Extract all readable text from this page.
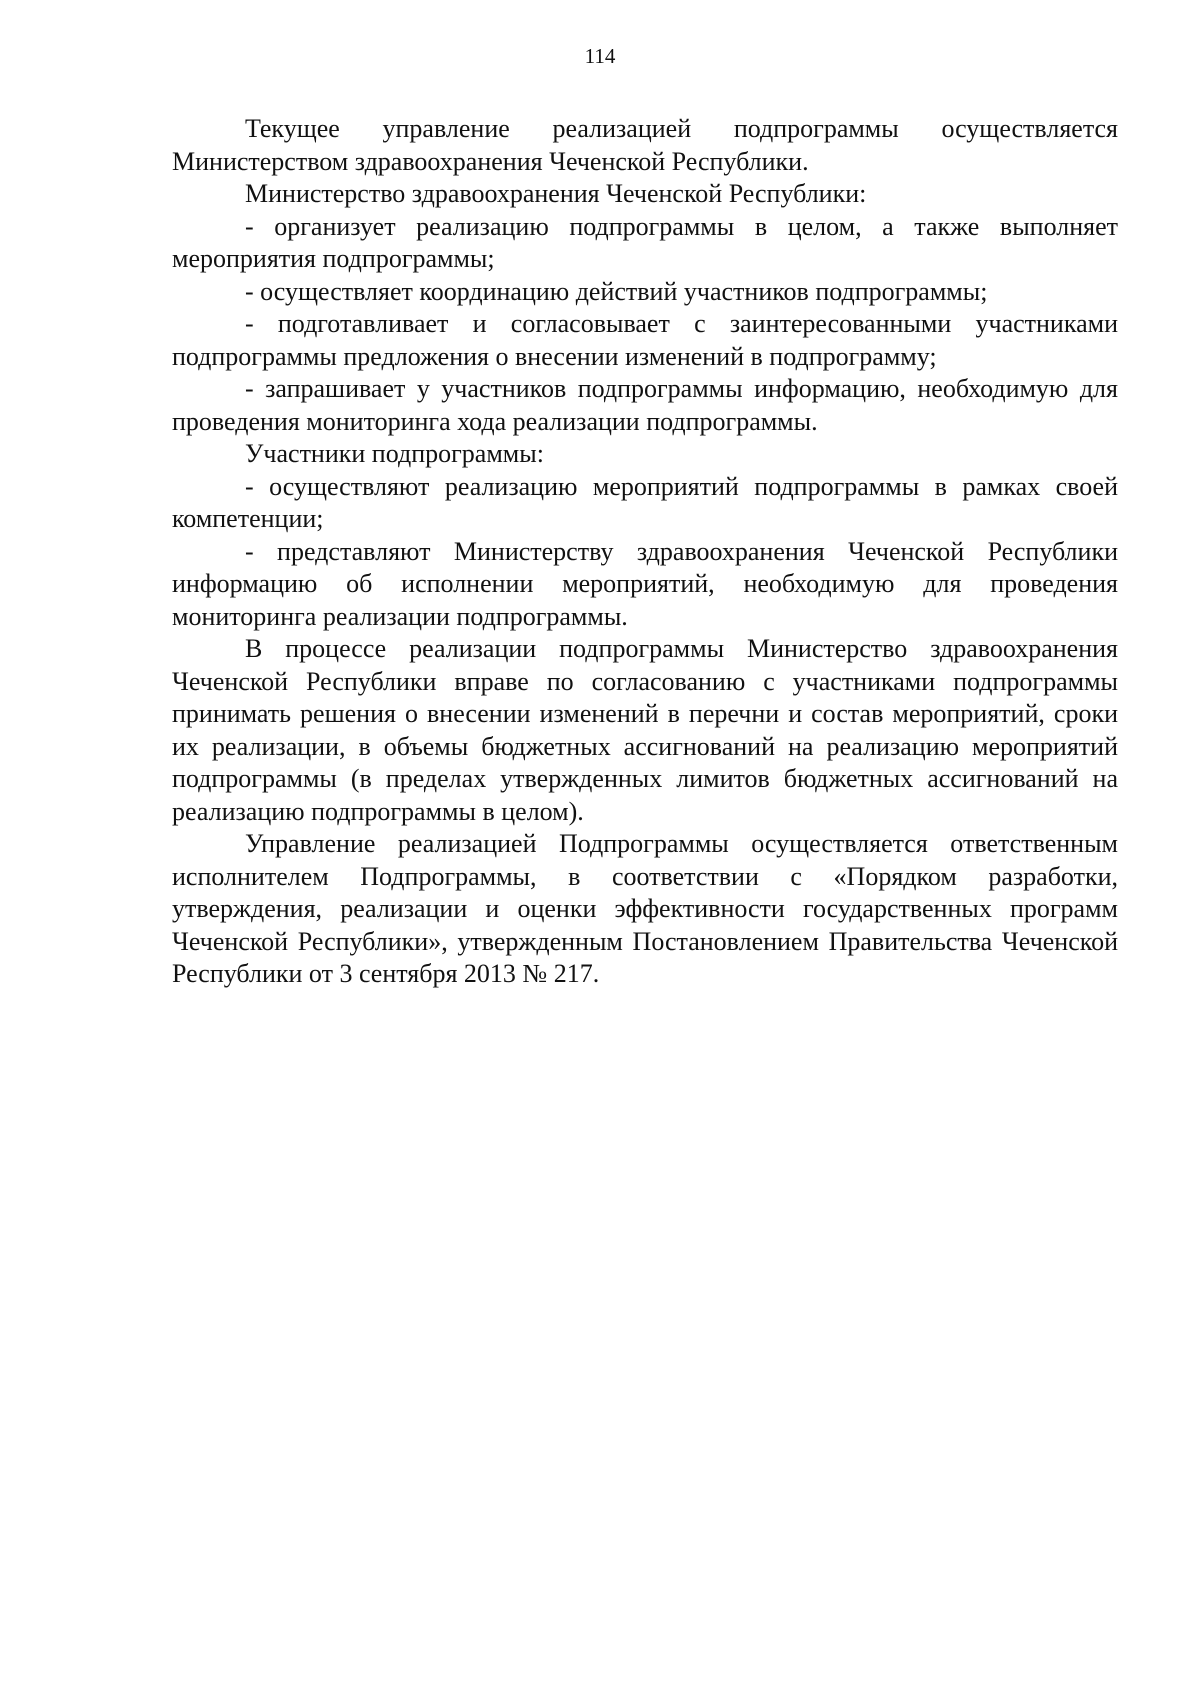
114

Текущее управление реализацией подпрограммы осуществляется Министерством здравоохранения Чеченской Республики.

Министерство здравоохранения Чеченской Республики:

- организует реализацию подпрограммы в целом, а также выполняет мероприятия подпрограммы;

- осуществляет координацию действий участников подпрограммы;

- подготавливает и согласовывает с заинтересованными участниками подпрограммы предложения о внесении изменений в подпрограмму;

- запрашивает у участников подпрограммы информацию, необходимую для проведения мониторинга хода реализации подпрограммы.

Участники подпрограммы:

- осуществляют реализацию мероприятий подпрограммы в рамках своей компетенции;

- представляют Министерству здравоохранения Чеченской Республики информацию об исполнении мероприятий, необходимую для проведения мониторинга реализации подпрограммы.

В процессе реализации подпрограммы Министерство здравоохранения Чеченской Республики вправе по согласованию с участниками подпрограммы принимать решения о внесении изменений в перечни и состав мероприятий, сроки их реализации, в объемы бюджетных ассигнований на реализацию мероприятий подпрограммы (в пределах утвержденных лимитов бюджетных ассигнований на реализацию подпрограммы в целом).

Управление реализацией Подпрограммы осуществляется ответственным исполнителем Подпрограммы, в соответствии с «Порядком разработки, утверждения, реализации и оценки эффективности государственных программ Чеченской Республики», утвержденным Постановлением Правительства Чеченской Республики от 3 сентября 2013 № 217.
